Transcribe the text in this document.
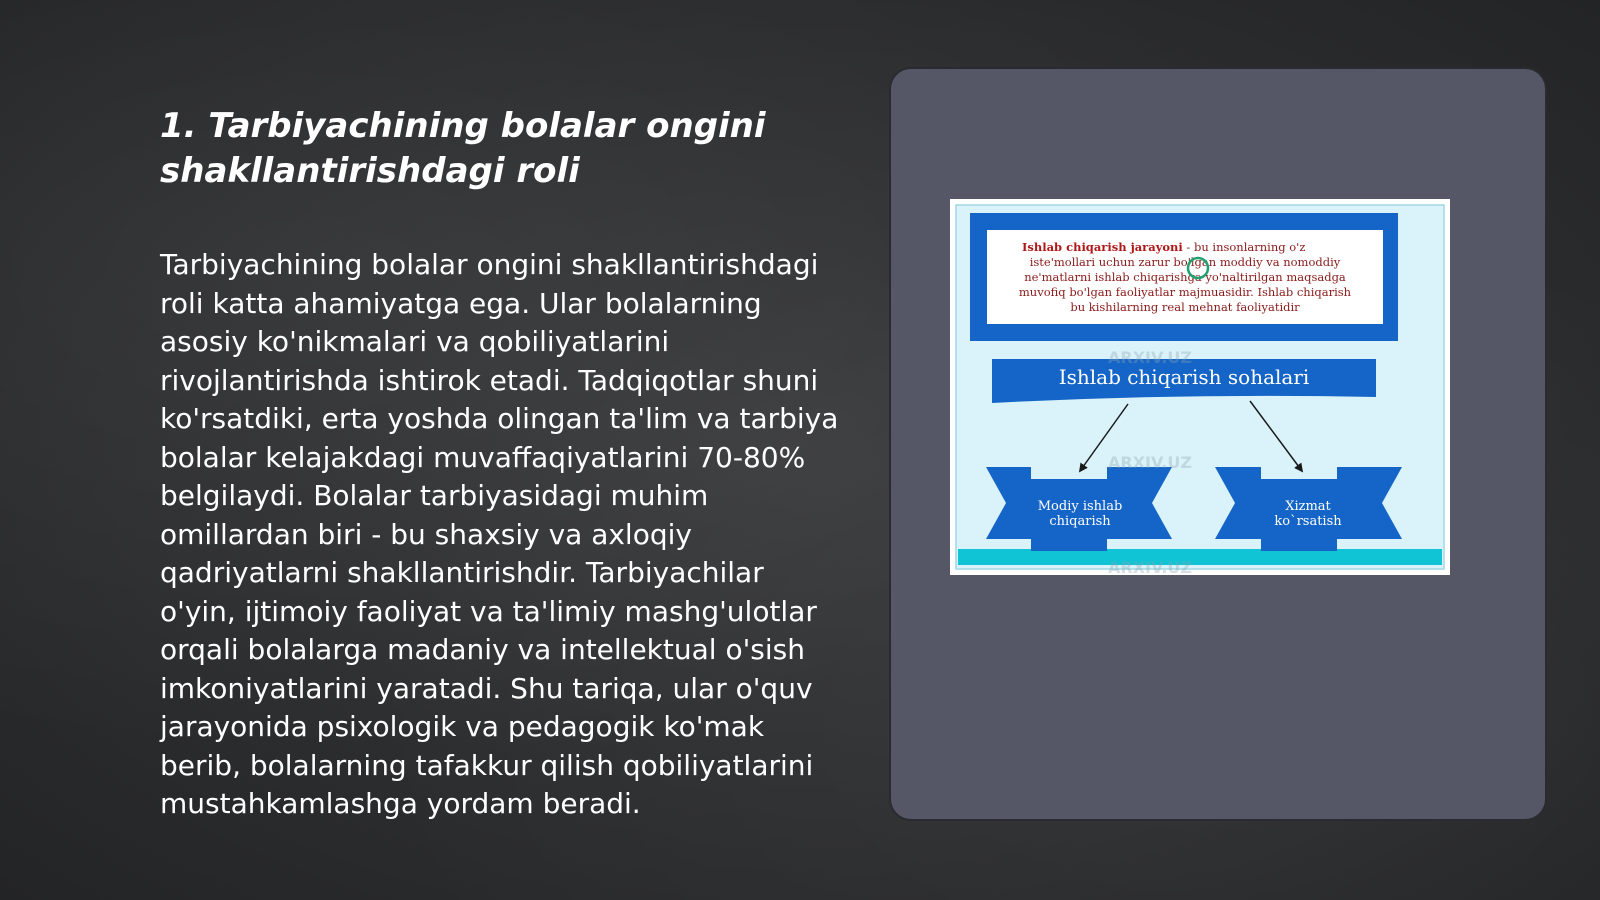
1. Tarbiyachining bolalar ongini shakllantirishdagi roli

Tarbiyachining bolalar ongini shakllantirishdagi roli katta ahamiyatga ega. Ular bolalarning asosiy ko'nikmalari va qobiliyatlarini rivojlantirishda ishtirok etadi. Tadqiqotlar shuni ko'rsatdiki, erta yoshda olingan ta'lim va tarbiya bolalar kelajakdagi muvaffaqiyatlarini 70-80% belgilaydi. Bolalar tarbiyasidagi muhim omillardan biri - bu shaxsiy va axloqiy qadriyatlarni shakllantirishdir. Tarbiyachilar o'yin, ijtimoiy faoliyat va ta'limiy mashg'ulotlar orqali bolalarga madaniy va intellektual o'sish imkoniyatlarini yaratadi. Shu tariqa, ular o'quv jarayonida psixologik va pedagogik ko'mak berib, bolalarning tafakkur qilish qobiliyatlarini mustahkamlashga yordam beradi.

Ishlab chiqarish jarayoni - bu insonlarning o'z
iste'mollari uchun zarur bo'lgan moddiy va nomoddiy
ne'matlarni ishlab chiqarishga yo'naltirilgan maqsadga
muvofiq bo'lgan faoliyatlar majmuasidir. Ishlab chiqarish
bu kishilarning real mehnat faoliyatidir
Ishlab chiqarish sohalari
Modiy ishlab
chiqarish
Xizmat
ko`rsatish
ARXIV.UZ
ARXIV.UZ
ARXIV.UZ
